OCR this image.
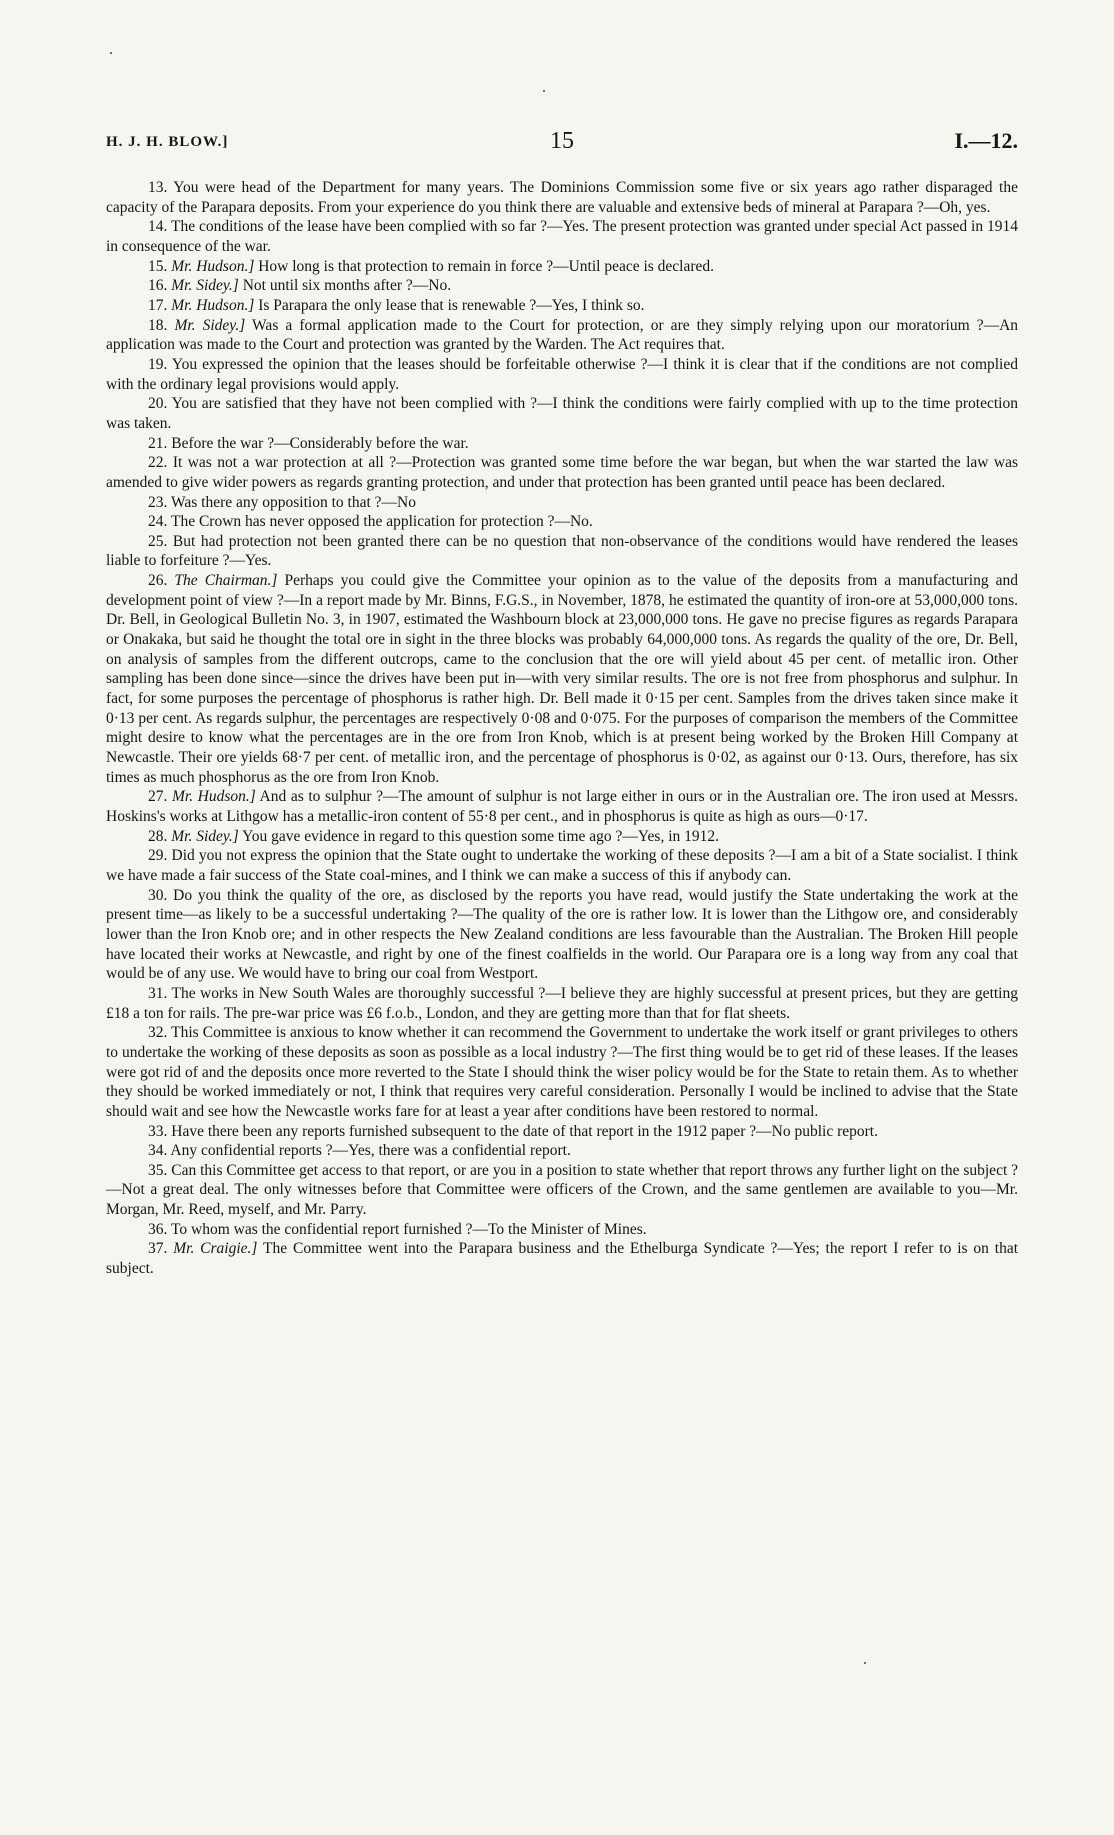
H. J. H. BLOW.]	15	I.—12.

13. You were head of the Department for many years. The Dominions Commission some five or six years ago rather disparaged the capacity of the Parapara deposits. From your experience do you think there are valuable and extensive beds of mineral at Parapara ?—Oh, yes.

14. The conditions of the lease have been complied with so far ?—Yes. The present protection was granted under special Act passed in 1914 in consequence of the war.

15. Mr. Hudson.] How long is that protection to remain in force ?—Until peace is declared.

16. Mr. Sidey.] Not until six months after ?—No.

17. Mr. Hudson.] Is Parapara the only lease that is renewable ?—Yes, I think so.

18. Mr. Sidey.] Was a formal application made to the Court for protection, or are they simply relying upon our moratorium ?—An application was made to the Court and protection was granted by the Warden. The Act requires that.

19. You expressed the opinion that the leases should be forfeitable otherwise ?—I think it is clear that if the conditions are not complied with the ordinary legal provisions would apply.

20. You are satisfied that they have not been complied with ?—I think the conditions were fairly complied with up to the time protection was taken.

21. Before the war ?—Considerably before the war.

22. It was not a war protection at all ?—Protection was granted some time before the war began, but when the war started the law was amended to give wider powers as regards granting protection, and under that protection has been granted until peace has been declared.

23. Was there any opposition to that ?—No

24. The Crown has never opposed the application for protection ?—No.

25. But had protection not been granted there can be no question that non-observance of the conditions would have rendered the leases liable to forfeiture ?—Yes.

26. The Chairman.] Perhaps you could give the Committee your opinion as to the value of the deposits from a manufacturing and development point of view ?—In a report made by Mr. Binns, F.G.S., in November, 1878, he estimated the quantity of iron-ore at 53,000,000 tons. Dr. Bell, in Geological Bulletin No. 3, in 1907, estimated the Washbourn block at 23,000,000 tons. He gave no precise figures as regards Parapara or Onakaka, but said he thought the total ore in sight in the three blocks was probably 64,000,000 tons. As regards the quality of the ore, Dr. Bell, on analysis of samples from the different outcrops, came to the conclusion that the ore will yield about 45 per cent. of metallic iron. Other sampling has been done since—since the drives have been put in—with very similar results. The ore is not free from phosphorus and sulphur. In fact, for some purposes the percentage of phosphorus is rather high. Dr. Bell made it 0·15 per cent. Samples from the drives taken since make it 0·13 per cent. As regards sulphur, the percentages are respectively 0·08 and 0·075. For the purposes of comparison the members of the Committee might desire to know what the percentages are in the ore from Iron Knob, which is at present being worked by the Broken Hill Company at Newcastle. Their ore yields 68·7 per cent. of metallic iron, and the percentage of phosphorus is 0·02, as against our 0·13. Ours, therefore, has six times as much phosphorus as the ore from Iron Knob.

27. Mr. Hudson.] And as to sulphur ?—The amount of sulphur is not large either in ours or in the Australian ore. The iron used at Messrs. Hoskins's works at Lithgow has a metallic-iron content of 55·8 per cent., and in phosphorus is quite as high as ours—0·17.

28. Mr. Sidey.] You gave evidence in regard to this question some time ago ?—Yes, in 1912.

29. Did you not express the opinion that the State ought to undertake the working of these deposits ?—I am a bit of a State socialist. I think we have made a fair success of the State coal-mines, and I think we can make a success of this if anybody can.

30. Do you think the quality of the ore, as disclosed by the reports you have read, would justify the State undertaking the work at the present time—as likely to be a successful undertaking ?—The quality of the ore is rather low. It is lower than the Lithgow ore, and considerably lower than the Iron Knob ore; and in other respects the New Zealand conditions are less favourable than the Australian. The Broken Hill people have located their works at Newcastle, and right by one of the finest coalfields in the world. Our Parapara ore is a long way from any coal that would be of any use. We would have to bring our coal from Westport.

31. The works in New South Wales are thoroughly successful ?—I believe they are highly successful at present prices, but they are getting £18 a ton for rails. The pre-war price was £6 f.o.b., London, and they are getting more than that for flat sheets.

32. This Committee is anxious to know whether it can recommend the Government to undertake the work itself or grant privileges to others to undertake the working of these deposits as soon as possible as a local industry ?—The first thing would be to get rid of these leases. If the leases were got rid of and the deposits once more reverted to the State I should think the wiser policy would be for the State to retain them. As to whether they should be worked immediately or not, I think that requires very careful consideration. Personally I would be inclined to advise that the State should wait and see how the Newcastle works fare for at least a year after conditions have been restored to normal.

33. Have there been any reports furnished subsequent to the date of that report in the 1912 paper ?—No public report.

34. Any confidential reports ?—Yes, there was a confidential report.

35. Can this Committee get access to that report, or are you in a position to state whether that report throws any further light on the subject ?—Not a great deal. The only witnesses before that Committee were officers of the Crown, and the same gentlemen are available to you—Mr. Morgan, Mr. Reed, myself, and Mr. Parry.

36. To whom was the confidential report furnished ?—To the Minister of Mines.

37. Mr. Craigie.] The Committee went into the Parapara business and the Ethelburga Syndicate ?—Yes; the report I refer to is on that subject.
